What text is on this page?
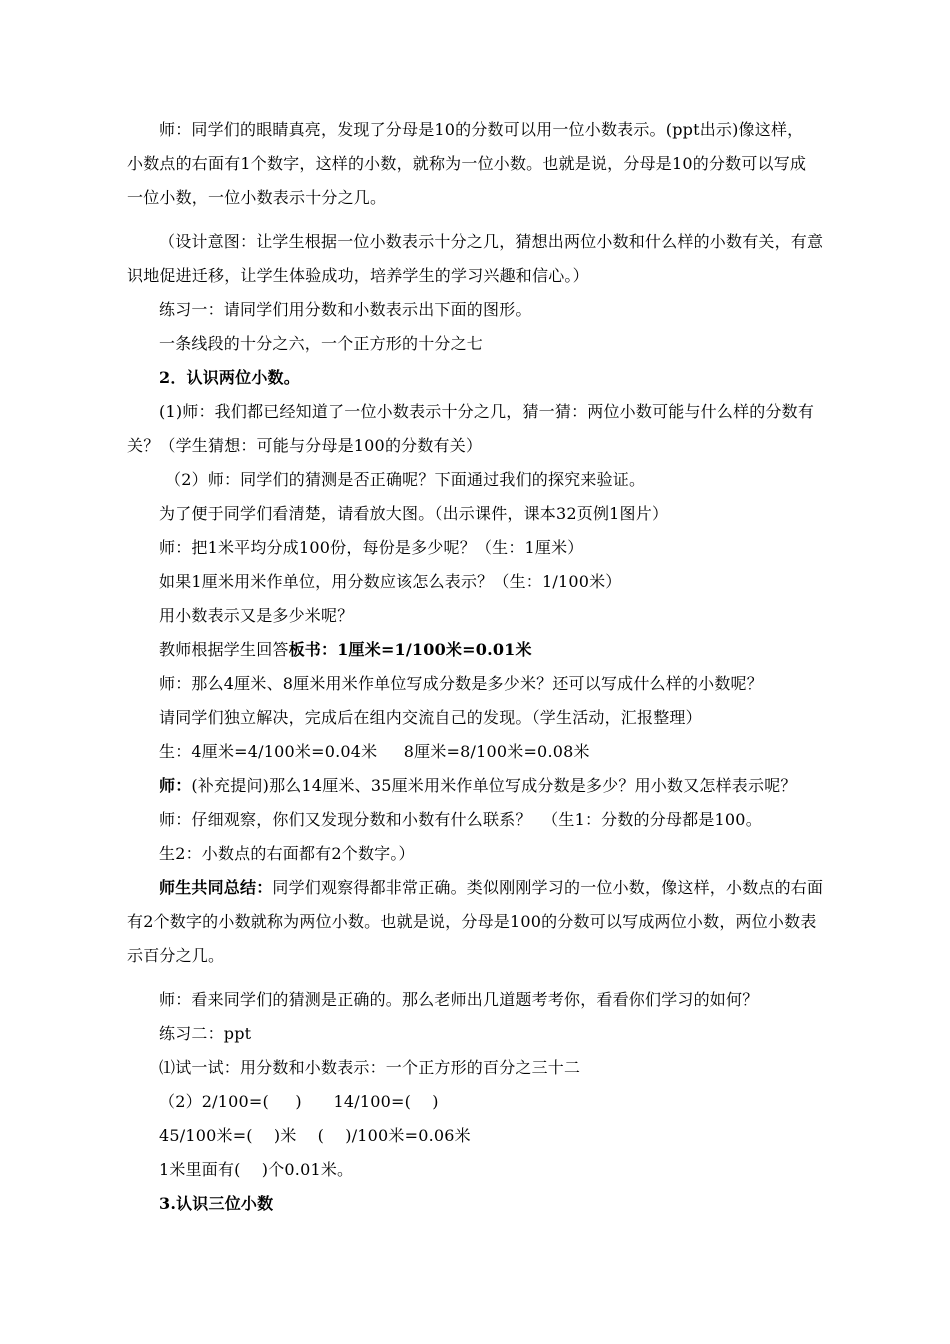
师：同学们的眼睛真亮，发现了分母是10的分数可以用一位小数表示。(ppt出示)像这样，
小数点的右面有1个数字，这样的小数，就称为一位小数。也就是说，分母是10的分数可以写成
一位小数，一位小数表示十分之几。
（设计意图：让学生根据一位小数表示十分之几，猜想出两位小数和什么样的小数有关，有意
识地促进迁移，让学生体验成功，培养学生的学习兴趣和信心。）
练习一：请同学们用分数和小数表示出下面的图形。
一条线段的十分之六，一个正方形的十分之七
2．认识两位小数。
(1)师：我们都已经知道了一位小数表示十分之几，猜一猜：两位小数可能与什么样的分数有
关？（学生猜想：可能与分母是100的分数有关）
（2）师：同学们的猜测是否正确呢？下面通过我们的探究来验证。
为了便于同学们看清楚，请看放大图。（出示课件，课本32页例1图片）
师：把1米平均分成100份，每份是多少呢？（生：1厘米）
如果1厘米用米作单位，用分数应该怎么表示？（生：1/100米）
用小数表示又是多少米呢？
教师根据学生回答板书：1厘米=1/100米=0.01米
师：那么4厘米、8厘米用米作单位写成分数是多少米？还可以写成什么样的小数呢？
请同学们独立解决，完成后在组内交流自己的发现。（学生活动，汇报整理）
生：4厘米=4/100米=0.04米     8厘米=8/100米=0.08米
师：(补充提问)那么14厘米、35厘米用米作单位写成分数是多少？用小数又怎样表示呢？
师：仔细观察，你们又发现分数和小数有什么联系？  （生1：分数的分母都是100。
生2：小数点的右面都有2个数字。）
师生共同总结：同学们观察得都非常正确。类似刚刚学习的一位小数，像这样，小数点的右面
有2个数字的小数就称为两位小数。也就是说，分母是100的分数可以写成两位小数，两位小数表
示百分之几。
师：看来同学们的猜测是正确的。那么老师出几道题考考你，看看你们学习的如何？
练习二：ppt
⑴试一试：用分数和小数表示：一个正方形的百分之三十二
（2）2/100=(     )      14/100=(    )
45/100米=(    )米    (    )/100米=0.06米
1米里面有(    )个0.01米。
3.认识三位小数
